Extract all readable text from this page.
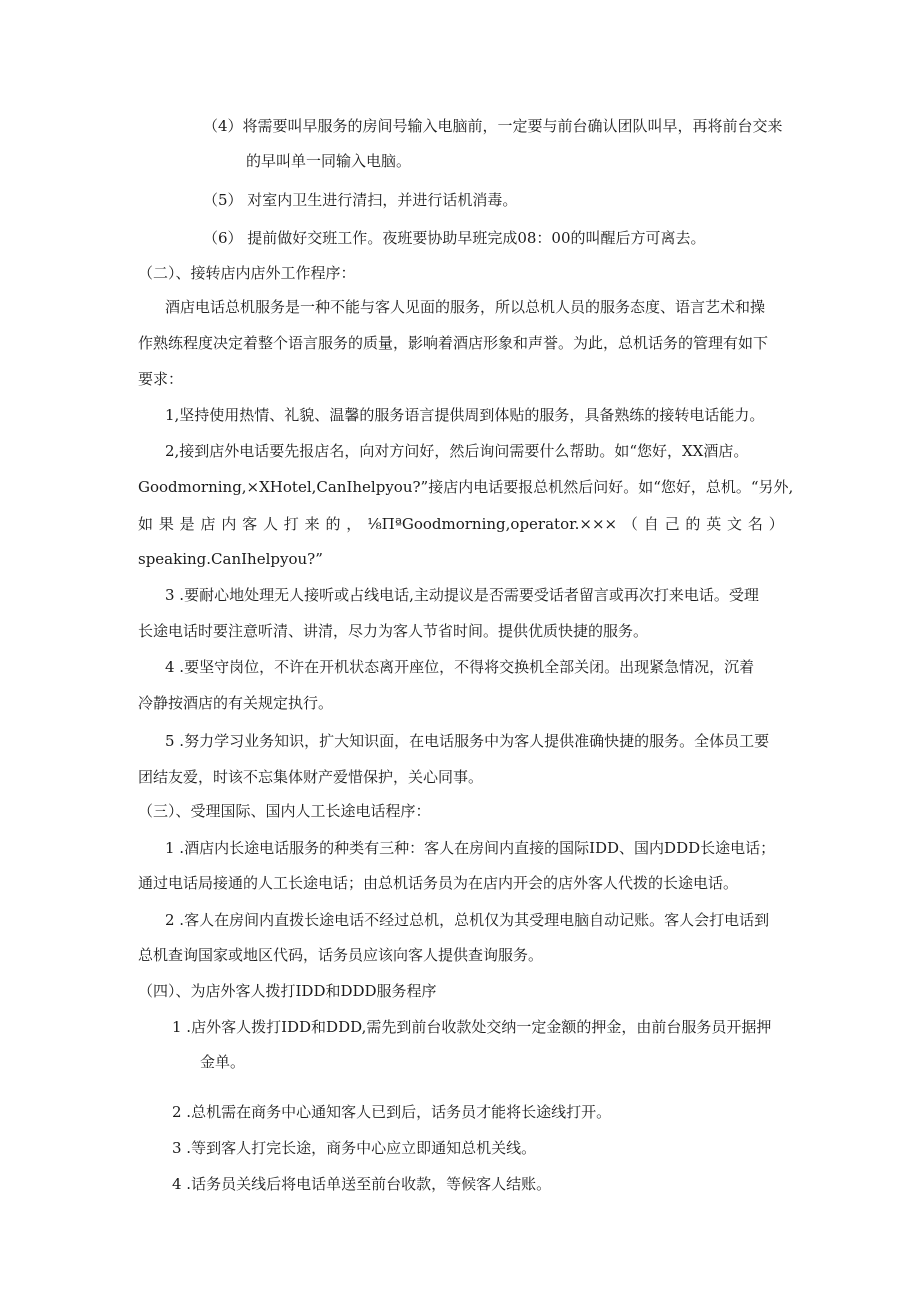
（4）将需要叫早服务的房间号输入电脑前，一定要与前台确认团队叫早，再将前台交来
的早叫单一同输入电脑。
（5） 对室内卫生进行清扫，并进行话机消毒。
（6） 提前做好交班工作。夜班要协助早班完成08：00的叫醒后方可离去。
（二）、接转店内店外工作程序：
酒店电话总机服务是一种不能与客人见面的服务，所以总机人员的服务态度、语言艺术和操
作熟练程度决定着整个语言服务的质量，影响着酒店形象和声誉。为此，总机话务的管理有如下
要求：
1,坚持使用热情、礼貌、温馨的服务语言提供周到体贴的服务，具备熟练的接转电话能力。
2,接到店外电话要先报店名，向对方问好，然后询问需要什么帮助。如“您好，XX酒店。
Goodmorning,×XHotel,CanIhelpyou?”接店内电话要报总机然后问好。如“您好，总机。“另外,
如 果 是 店 内 客 人 打 来 的 ， ⅛ΠªGoodmorning,operator.××× （ 自 己 的 英 文 名 ）
speaking.CanIhelpyou?”
3 .要耐心地处理无人接听或占线电话,主动提议是否需要受话者留言或再次打来电话。受理
长途电话时要注意听清、讲清，尽力为客人节省时间。提供优质快捷的服务。
4 .要坚守岗位，不许在开机状态离开座位，不得将交换机全部关闭。出现紧急情况，沉着
冷静按酒店的有关规定执行。
5 .努力学习业务知识，扩大知识面，在电话服务中为客人提供准确快捷的服务。全体员工要
团结友爱，时该不忘集体财产爱惜保护，关心同事。
（三）、受理国际、国内人工长途电话程序：
1 .酒店内长途电话服务的种类有三种：客人在房间内直接的国际IDD、国内DDD长途电话；
通过电话局接通的人工长途电话；由总机话务员为在店内开会的店外客人代拨的长途电话。
2 .客人在房间内直拨长途电话不经过总机，总机仅为其受理电脑自动记账。客人会打电话到
总机查询国家或地区代码，话务员应该向客人提供查询服务。
（四）、为店外客人拨打IDD和DDD服务程序
1 .店外客人拨打IDD和DDD,需先到前台收款处交纳一定金额的押金，由前台服务员开据押
金单。
2 .总机需在商务中心通知客人已到后，话务员才能将长途线打开。
3 .等到客人打完长途，商务中心应立即通知总机关线。
4 .话务员关线后将电话单送至前台收款，等候客人结账。
